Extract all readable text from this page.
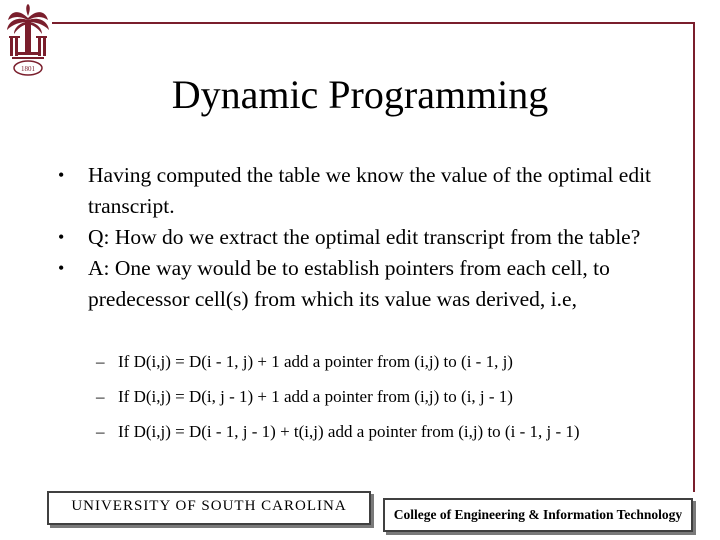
1801
Dynamic Programming
• Having computed the table we know the value of the optimal edit transcript.
• Q: How do we extract the optimal edit transcript from the table?
• A: One way would be to establish pointers from each cell, to predecessor cell(s) from which its value was derived, i.e,
– If D(i,j) = D(i - 1, j) + 1 add a pointer from (i,j) to (i - 1, j)
– If D(i,j) = D(i, j - 1) + 1 add a pointer from (i,j) to (i, j - 1)
– If D(i,j) = D(i - 1, j - 1) + t(i,j) add a pointer from (i,j) to (i - 1, j - 1)
UNIVERSITY OF SOUTH CAROLINA
College of Engineering & Information Technology
